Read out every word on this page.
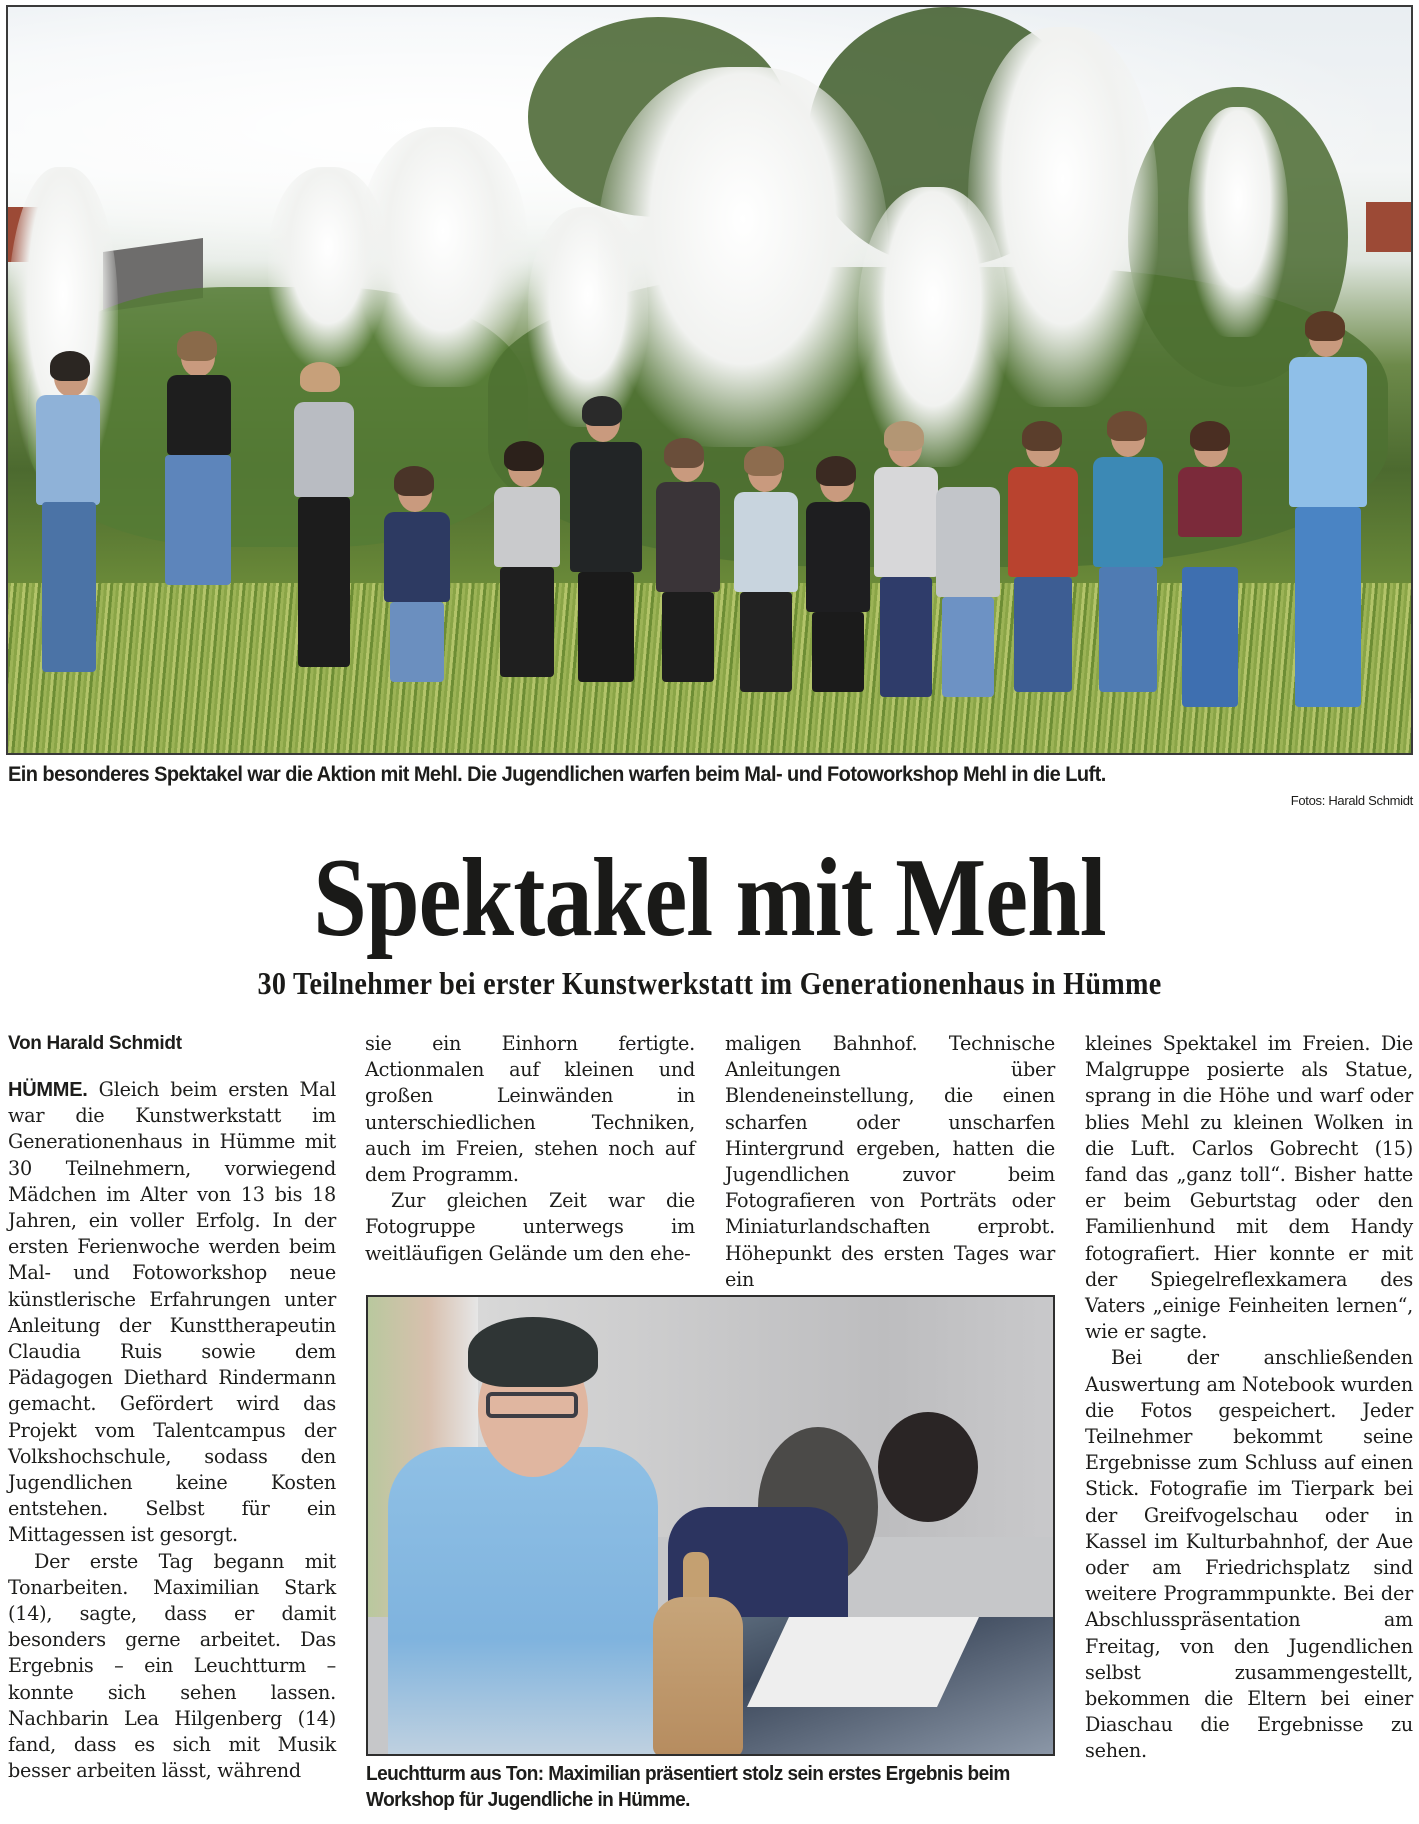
Ein besonderes Spektakel war die Aktion mit Mehl. Die Jugendlichen warfen beim Mal- und Fotoworkshop Mehl in die Luft.
Fotos: Harald Schmidt
Spektakel mit Mehl
30 Teilnehmer bei erster Kunstwerkstatt im Generationenhaus in Hümme
Von Harald Schmidt

HÜMME. Gleich beim ersten Mal war die Kunstwerkstatt im Generationenhaus in Hümme mit 30 Teilnehmern, vorwiegend Mädchen im Alter von 13 bis 18 Jahren, ein voller Erfolg. In der ersten Ferienwoche werden beim Mal- und Fotoworkshop neue künstlerische Erfahrungen unter Anleitung der Kunsttherapeutin Claudia Ruis sowie dem Pädagogen Diethard Rindermann gemacht. Gefördert wird das Projekt vom Talentcampus der Volkshochschule, sodass den Jugendlichen keine Kosten entstehen. Selbst für ein Mittagessen ist gesorgt.

Der erste Tag begann mit Tonarbeiten. Maximilian Stark (14), sagte, dass er damit besonders gerne arbeitet. Das Ergebnis – ein Leuchtturm – konnte sich sehen lassen. Nachbarin Lea Hilgenberg (14) fand, dass es sich mit Musik besser arbeiten lässt, während

sie ein Einhorn fertigte. Actionmalen auf kleinen und großen Leinwänden in unterschiedlichen Techniken, auch im Freien, stehen noch auf dem Programm.

Zur gleichen Zeit war die Fotogruppe unterwegs im weitläufigen Gelände um den ehe-

maligen Bahnhof. Technische Anleitungen über Blendeneinstellung, die einen scharfen oder unscharfen Hintergrund ergeben, hatten die Jugendlichen zuvor beim Fotografieren von Porträts oder Miniaturlandschaften erprobt. Höhepunkt des ersten Tages war ein

kleines Spektakel im Freien. Die Malgruppe posierte als Statue, sprang in die Höhe und warf oder blies Mehl zu kleinen Wolken in die Luft. Carlos Gobrecht (15) fand das „ganz toll“. Bisher hatte er beim Geburtstag oder den Familienhund mit dem Handy fotografiert. Hier konnte er mit der Spiegelreflexkamera des Vaters „einige Feinheiten lernen“, wie er sagte.

Bei der anschließenden Auswertung am Notebook wurden die Fotos gespeichert. Jeder Teilnehmer bekommt seine Ergebnisse zum Schluss auf einen Stick. Fotografie im Tierpark bei der Greifvogelschau oder in Kassel im Kulturbahnhof, der Aue oder am Friedrichsplatz sind weitere Programmpunkte. Bei der Abschlusspräsentation am Freitag, von den Jugendlichen selbst zusammengestellt, bekommen die Eltern bei einer Diaschau die Ergebnisse zu sehen.

Leuchtturm aus Ton: Maximilian präsentiert stolz sein erstes Ergebnis beim Workshop für Jugendliche in Hümme.
